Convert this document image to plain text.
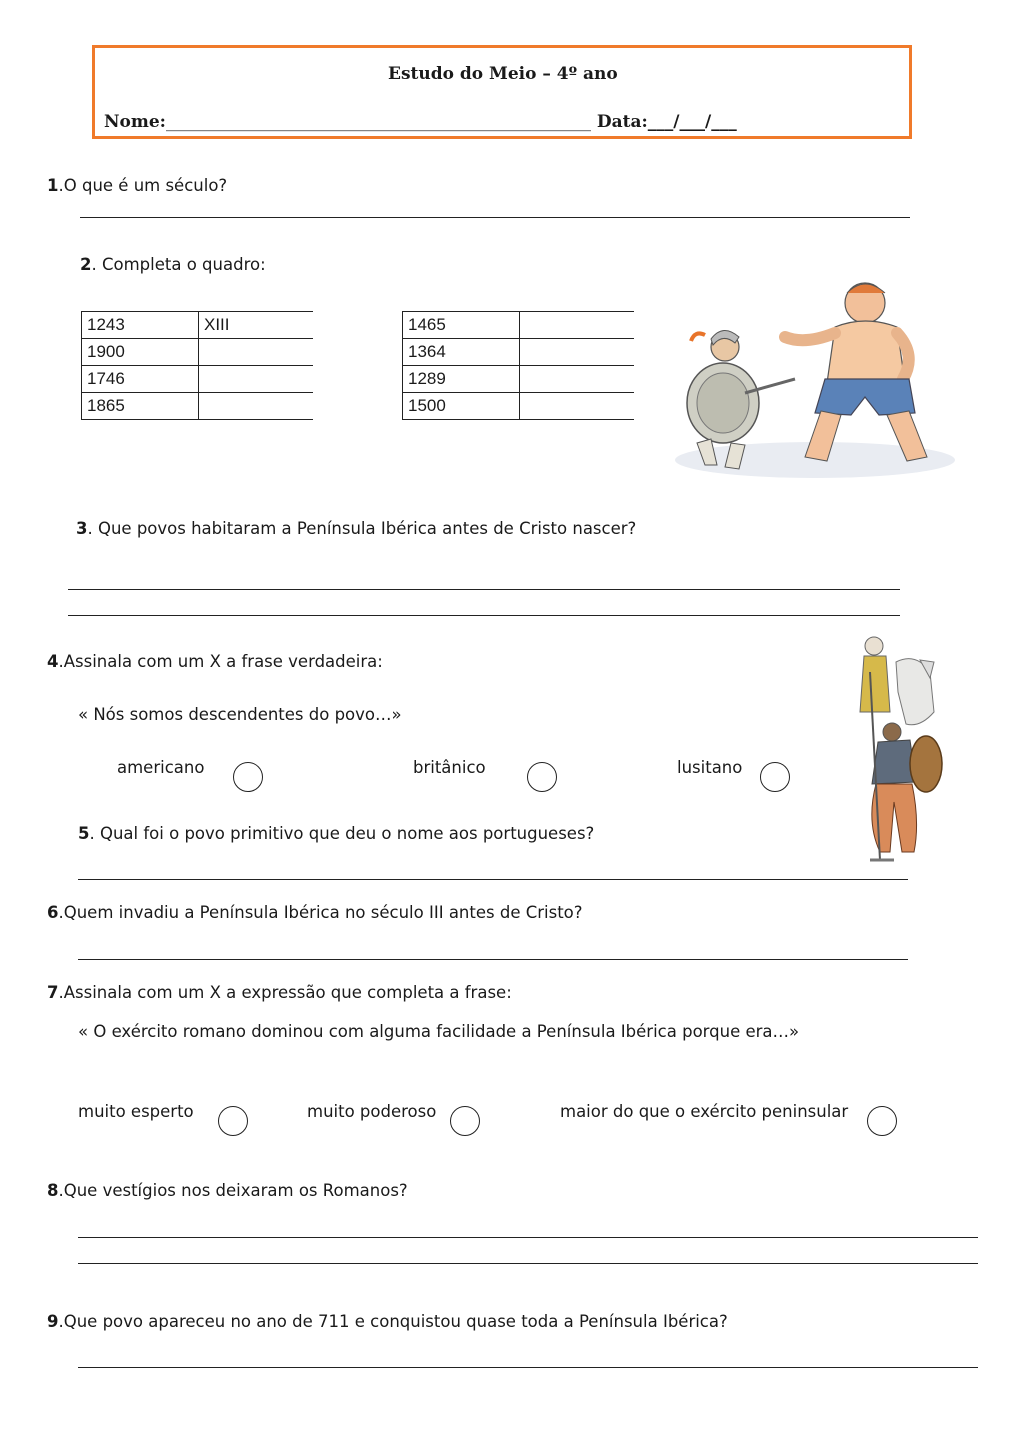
Estudo do Meio – 4º ano
Nome:__________________________________________________ Data:___/___/___
1.O que é um século?
2. Completa o quadro:
1243	XIII
1900	
1746	
1865	
1465	
1364	
1289	
1500	
3. Que povos habitaram a Península Ibérica antes de Cristo nascer?
4.Assinala com um X a frase verdadeira:
« Nós somos descendentes do povo…»
americano	britânico	lusitano
5. Qual foi o povo primitivo que deu o nome aos portugueses?
6.Quem invadiu a Península Ibérica no século III antes de Cristo?
7.Assinala com um X a expressão que completa a frase:
« O exército romano dominou com alguma facilidade a Península Ibérica porque era…»
muito esperto	muito poderoso	maior do que o exército peninsular
8.Que vestígios nos deixaram os Romanos?
9.Que povo apareceu no ano de 711 e conquistou quase toda a Península Ibérica?
